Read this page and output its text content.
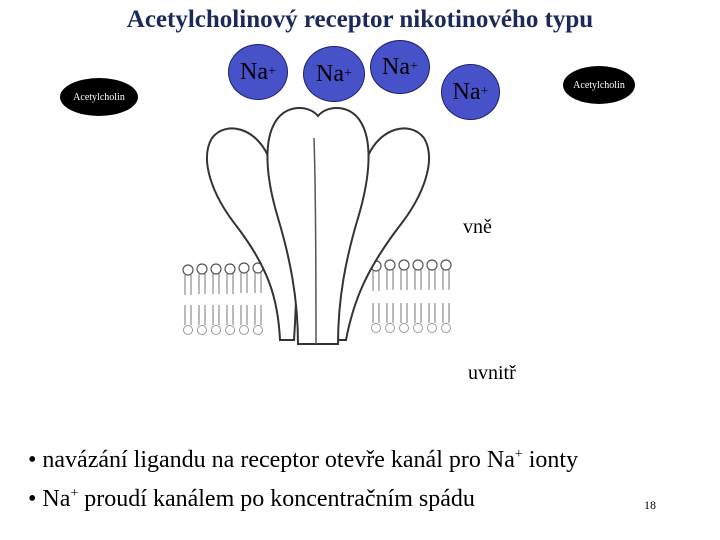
Acetylcholinový receptor nikotinového typu
Na + Na + Na +
Na +
Acetylcholin
Acetylcholin
vně
uvnitř
• navázání ligandu na receptor otevře kanál pro Na+ ionty
• Na+ proudí kanálem po koncentračním spádu	18
